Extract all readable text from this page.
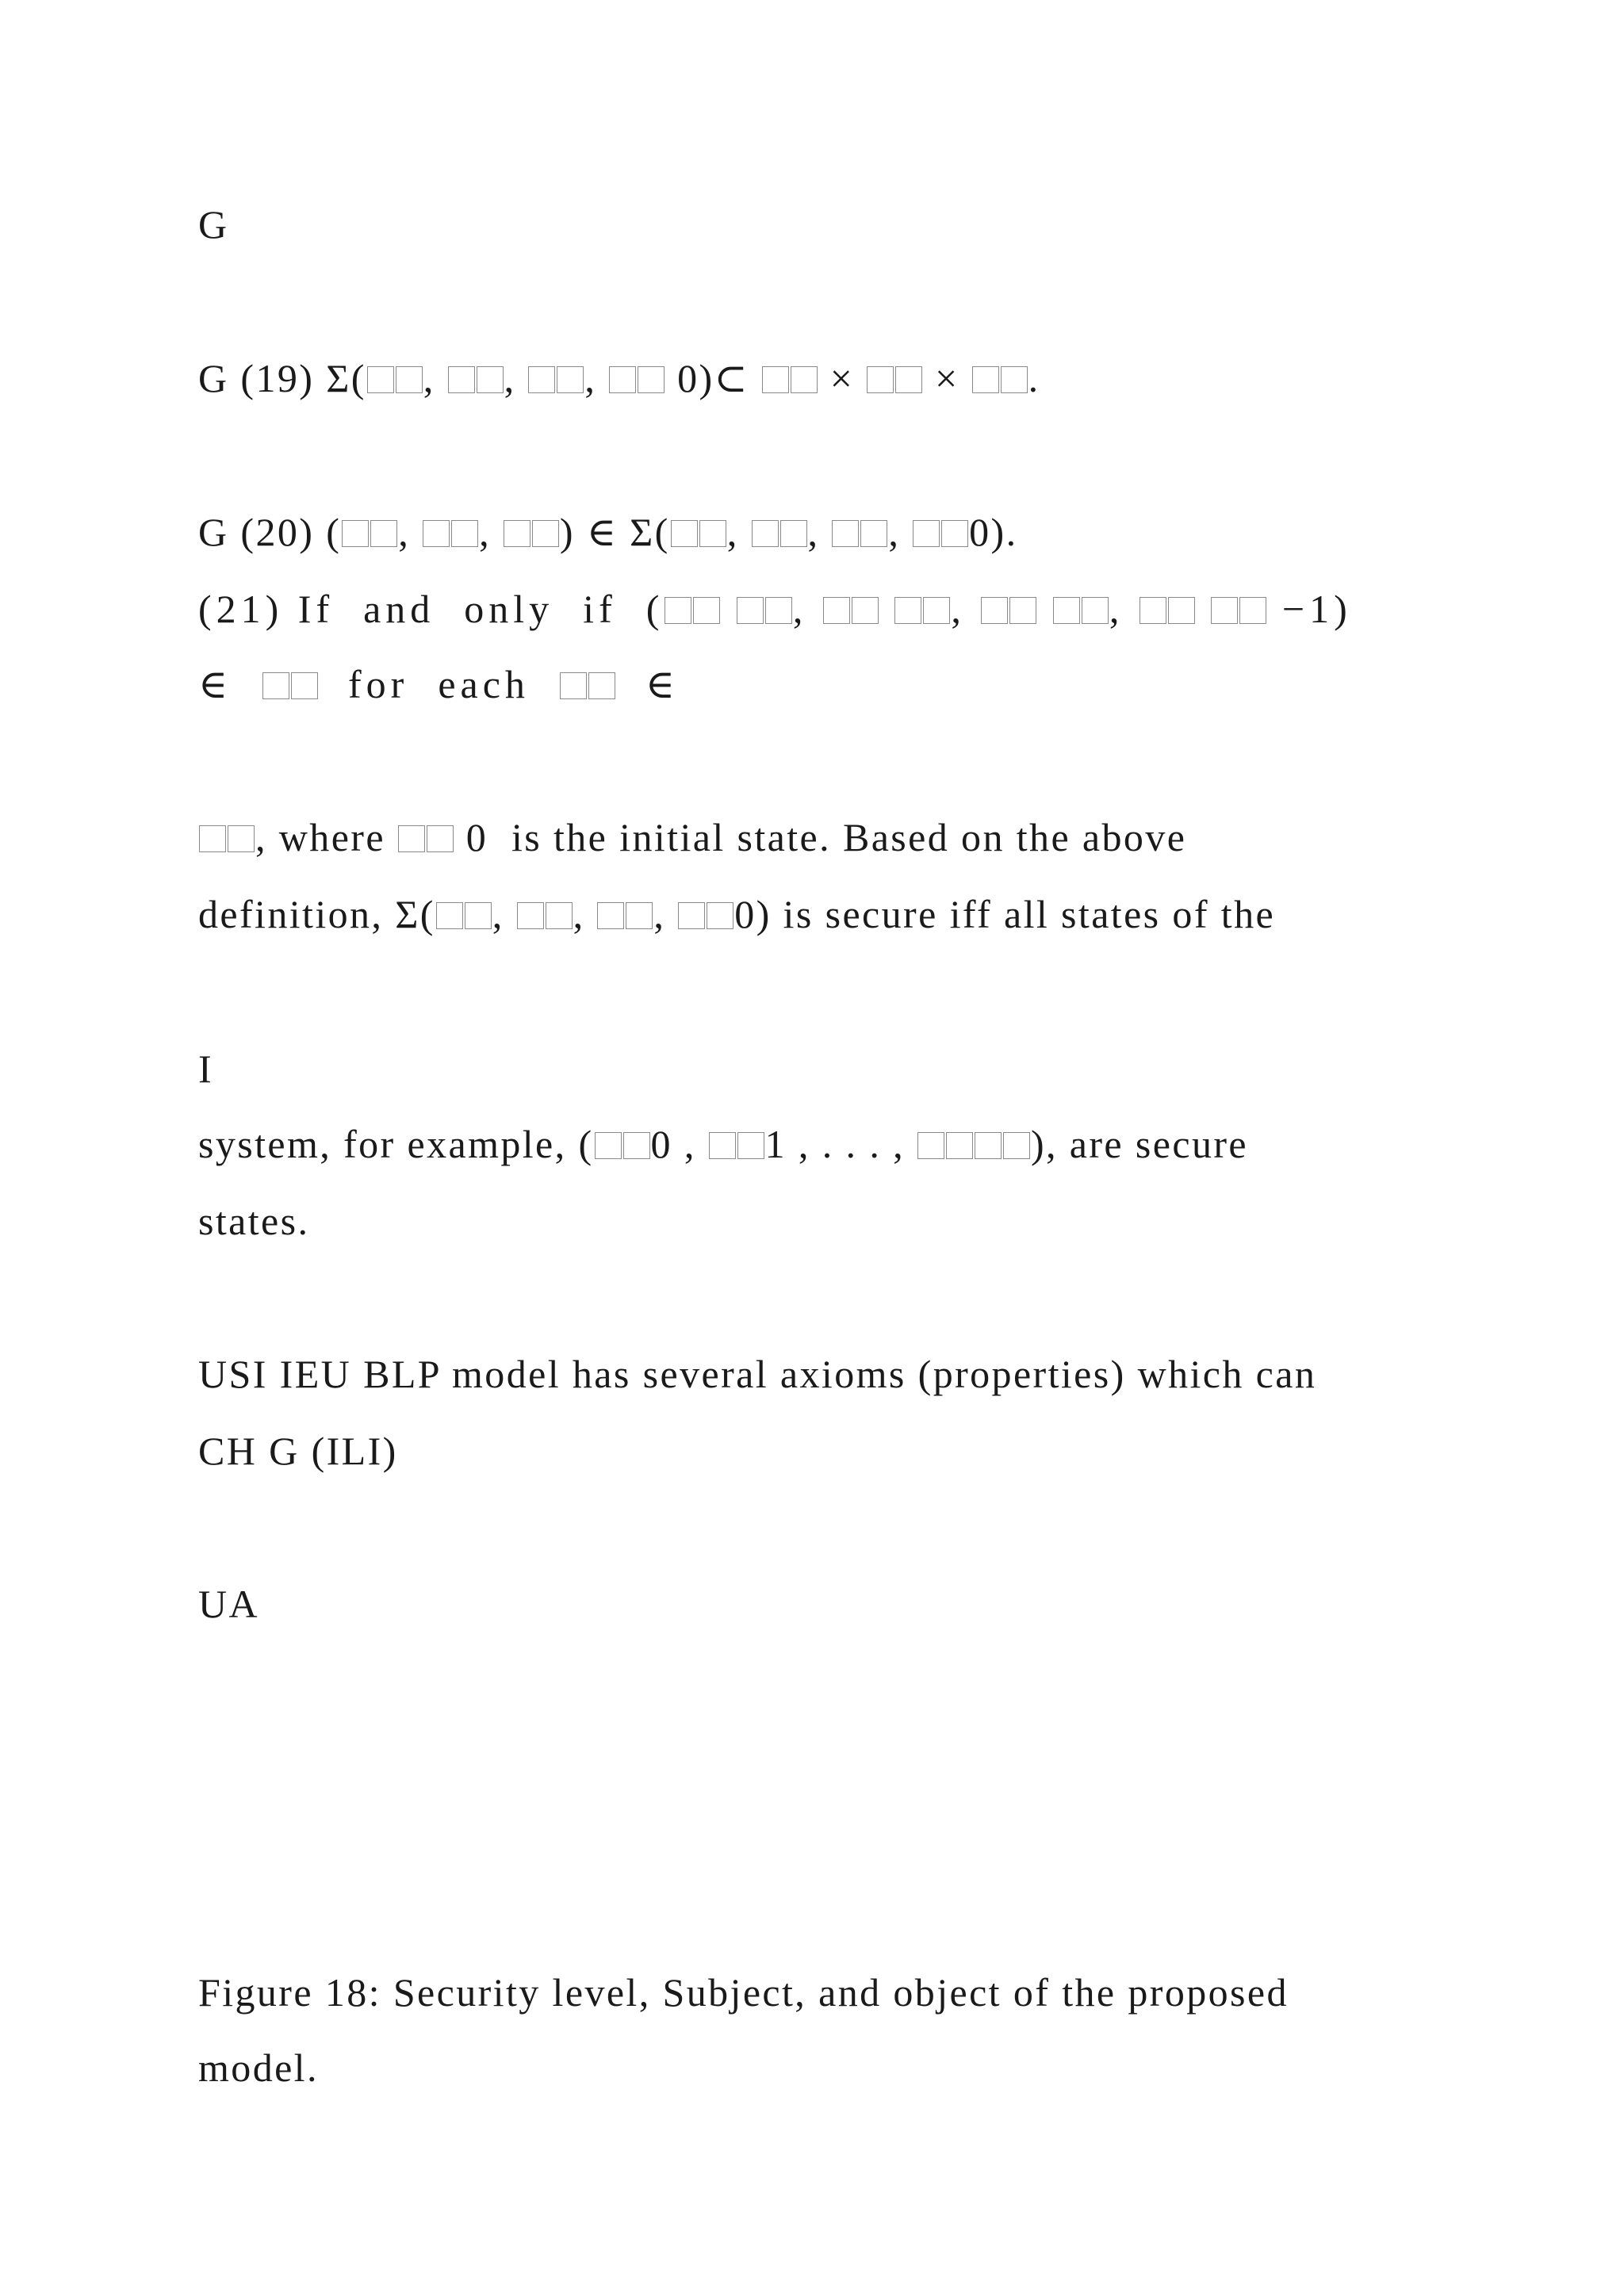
G
G (19) Σ( , , ,  0)⊂  ×  × .
G (20) ( , , ) ∈ Σ( , , , 0).
(21) If  and  only  if  (	,	,	,	−1)
∈    for  each    ∈
, where  0  is the initial state. Based on the above
definition, Σ( , , , 0) is secure iff all states of the
I
system, for example, ( 0 , 1 , . . . ,	), are secure
states.
USI IEU BLP model has several axioms (properties) which can
CH G (ILI)
UA
Figure 18: Security level, Subject, and object of the proposed
model.
